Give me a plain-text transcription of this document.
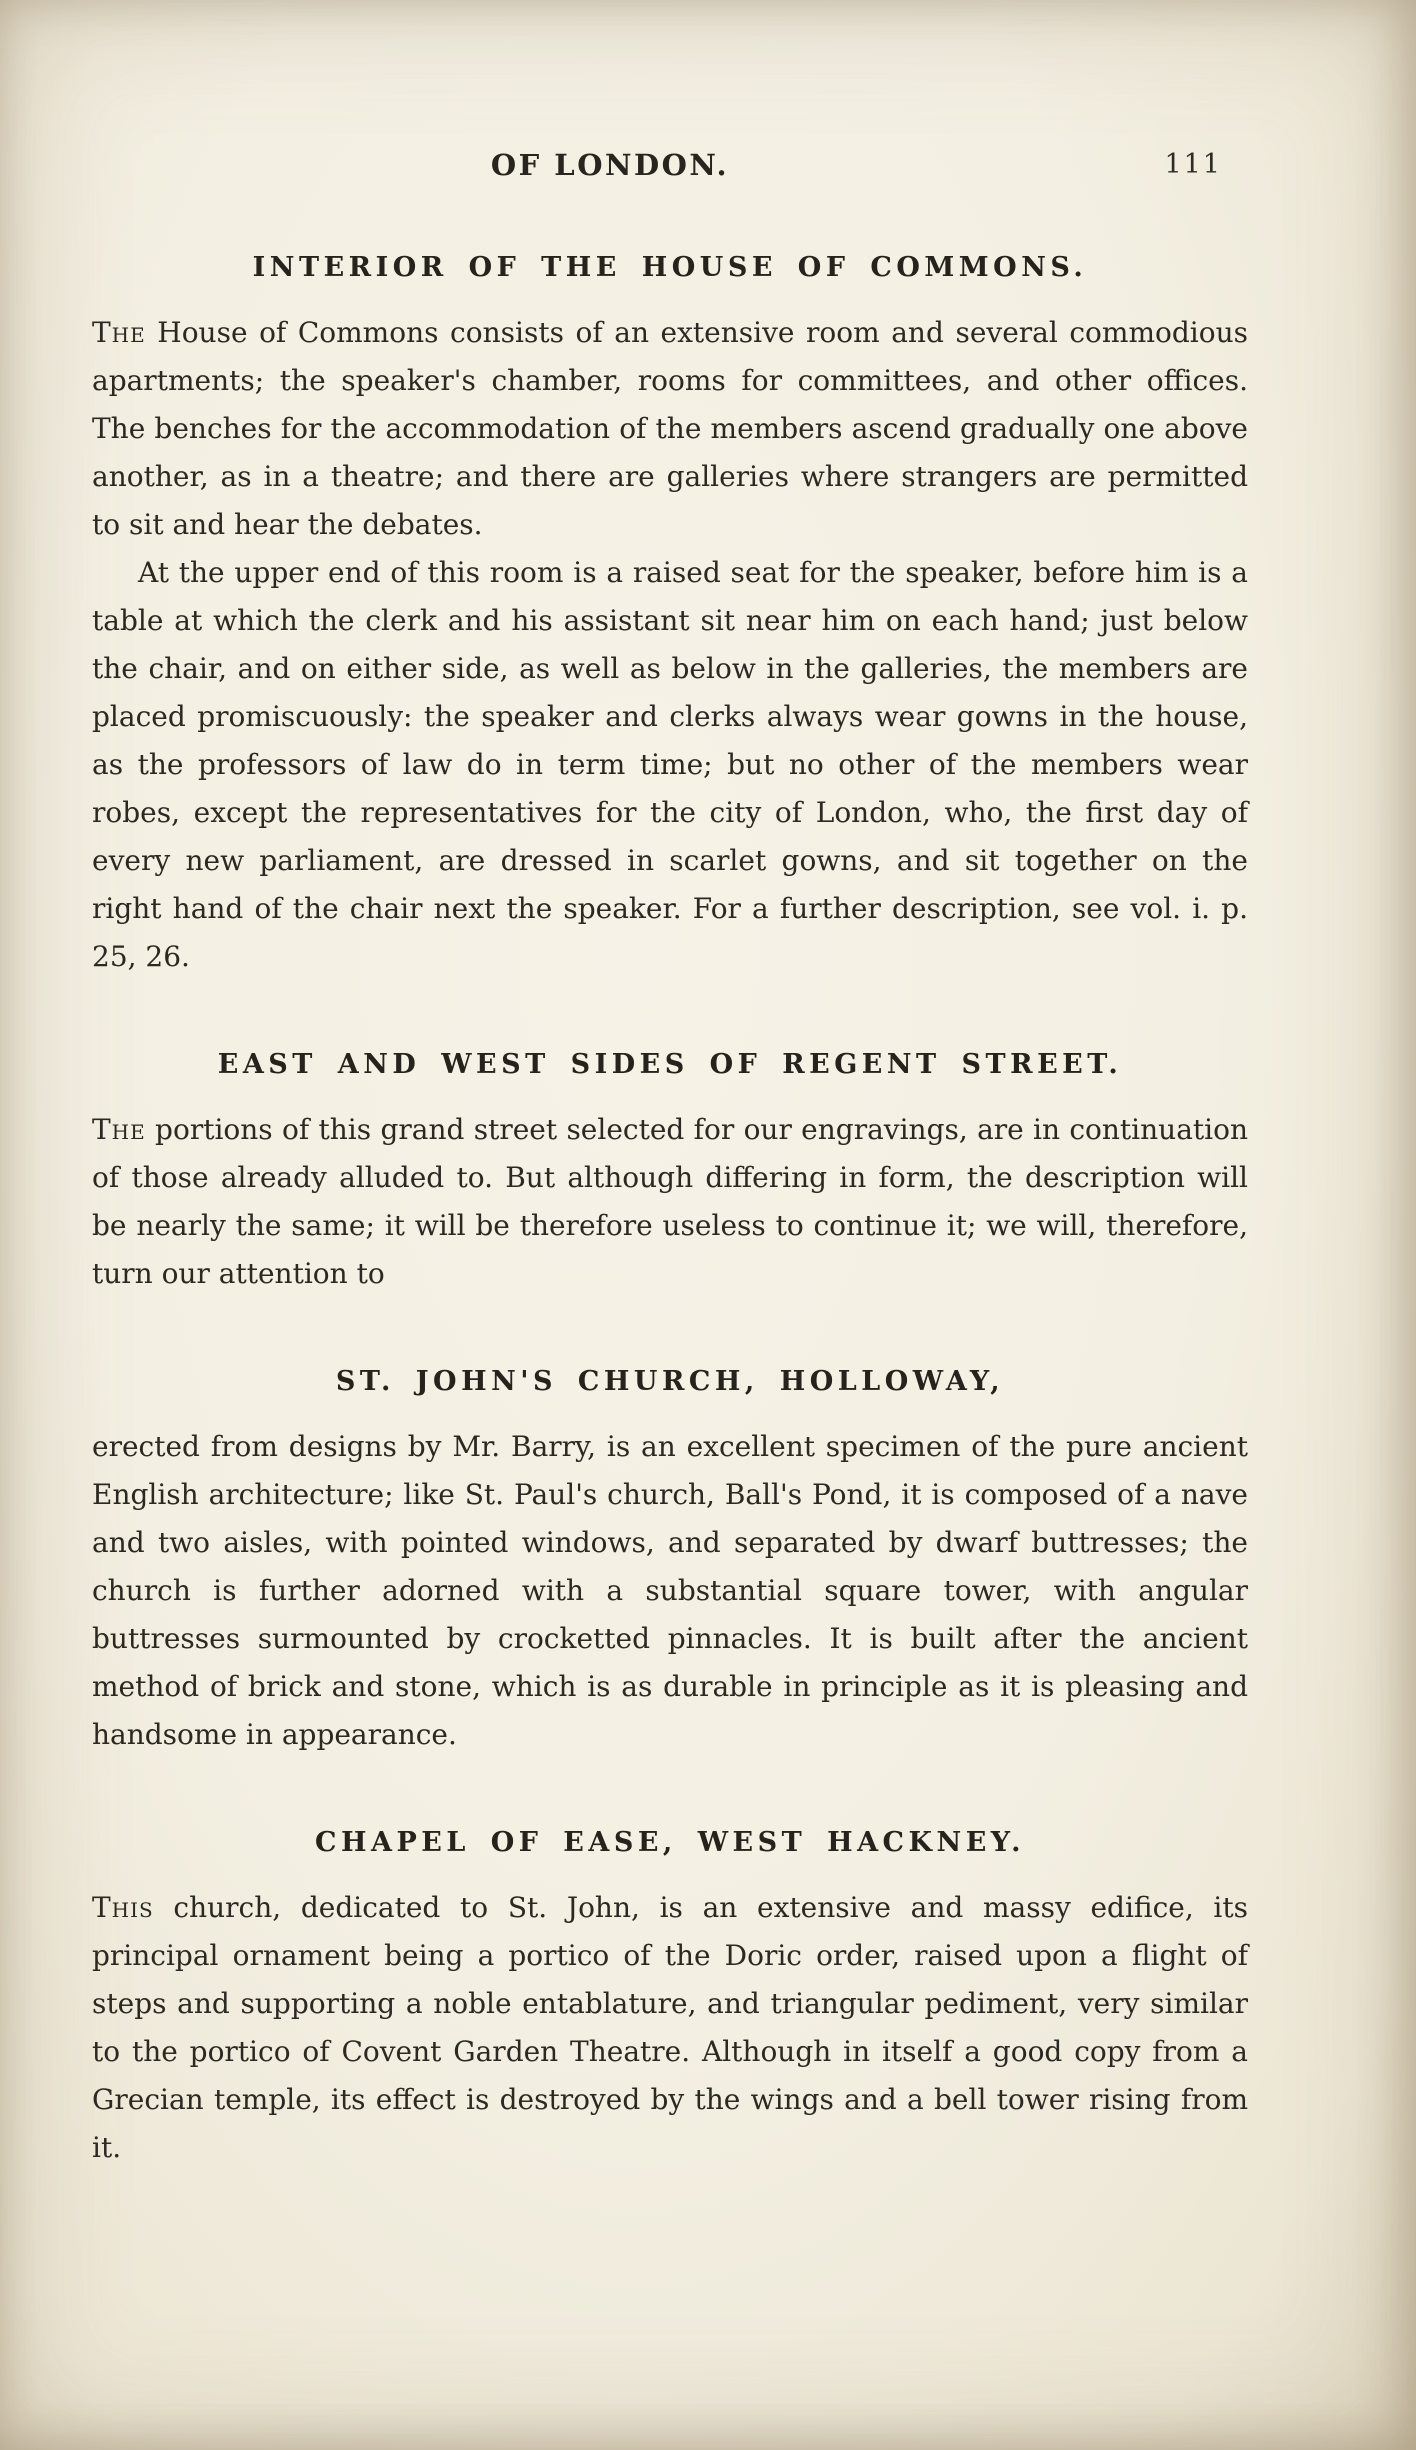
OF LONDON.	111
INTERIOR OF THE HOUSE OF COMMONS.

The House of Commons consists of an extensive room and several commodious apartments; the speaker's chamber, rooms for committees, and other offices. The benches for the accommodation of the members ascend gradually one above another, as in a theatre; and there are galleries where strangers are permitted to sit and hear the debates.

At the upper end of this room is a raised seat for the speaker, before him is a table at which the clerk and his assistant sit near him on each hand; just below the chair, and on either side, as well as below in the galleries, the members are placed promiscuously: the speaker and clerks always wear gowns in the house, as the professors of law do in term time; but no other of the members wear robes, except the representatives for the city of London, who, the first day of every new parliament, are dressed in scarlet gowns, and sit together on the right hand of the chair next the speaker. For a further description, see vol. i. p. 25, 26.

EAST AND WEST SIDES OF REGENT STREET.

The portions of this grand street selected for our engravings, are in continuation of those already alluded to. But although differing in form, the description will be nearly the same; it will be therefore useless to continue it; we will, therefore, turn our attention to

ST. JOHN'S CHURCH, HOLLOWAY,

erected from designs by Mr. Barry, is an excellent specimen of the pure ancient English architecture; like St. Paul's church, Ball's Pond, it is composed of a nave and two aisles, with pointed windows, and separated by dwarf buttresses; the church is further adorned with a substantial square tower, with angular buttresses surmounted by crocketted pinnacles. It is built after the ancient method of brick and stone, which is as durable in principle as it is pleasing and handsome in appearance.

CHAPEL OF EASE, WEST HACKNEY.

This church, dedicated to St. John, is an extensive and massy edifice, its principal ornament being a portico of the Doric order, raised upon a flight of steps and supporting a noble entablature, and triangular pediment, very similar to the portico of Covent Garden Theatre. Although in itself a good copy from a Grecian temple, its effect is destroyed by the wings and a bell tower rising from it.
